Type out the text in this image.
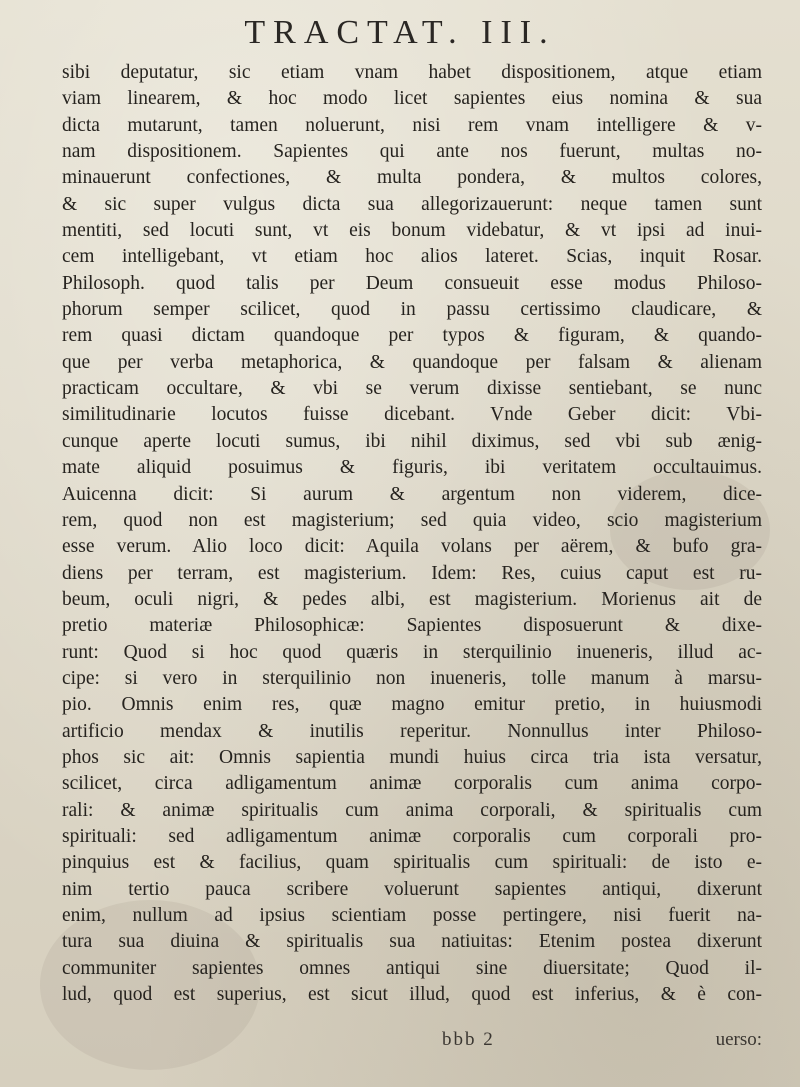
TRACTAT. III.
sibi deputatur, sic etiam vnam habet dispositionem, atque etiam
viam linearem, & hoc modo licet sapientes eius nomina & sua
dicta mutarunt, tamen noluerunt, nisi rem vnam intelligere & v-
nam dispositionem. Sapientes qui ante nos fuerunt, multas no-
minauerunt confectiones, & multa pondera, & multos colores,
& sic super vulgus dicta sua allegorizauerunt: neque tamen sunt
mentiti, sed locuti sunt, vt eis bonum videbatur, & vt ipsi ad inui-
cem intelligebant, vt etiam hoc alios lateret. Scias, inquit Rosar.
Philosoph. quod talis per Deum consueuit esse modus Philoso-
phorum semper scilicet, quod in passu certissimo claudicare, &
rem quasi dictam quandoque per typos & figuram, & quando-
que per verba metaphorica, & quandoque per falsam & alienam
practicam occultare, & vbi se verum dixisse sentiebant, se nunc
similitudinarie locutos fuisse dicebant. Vnde Geber dicit: Vbi-
cunque aperte locuti sumus, ibi nihil diximus, sed vbi sub ænig-
mate aliquid posuimus & figuris, ibi veritatem occultauimus.
Auicenna dicit: Si aurum & argentum non viderem, dice-
rem, quod non est magisterium; sed quia video, scio magisterium
esse verum. Alio loco dicit: Aquila volans per aërem, & bufo gra-
diens per terram, est magisterium. Idem: Res, cuius caput est ru-
beum, oculi nigri, & pedes albi, est magisterium. Morienus ait de
pretio materiæ Philosophicæ: Sapientes disposuerunt & dixe-
runt: Quod si hoc quod quæris in sterquilinio inueneris, illud ac-
cipe: si vero in sterquilinio non inueneris, tolle manum à marsu-
pio. Omnis enim res, quæ magno emitur pretio, in huiusmodi
artificio mendax & inutilis reperitur. Nonnullus inter Philoso-
phos sic ait: Omnis sapientia mundi huius circa tria ista versatur,
scilicet, circa adligamentum animæ corporalis cum anima corpo-
rali: & animæ spiritualis cum anima corporali, & spiritualis cum
spirituali: sed adligamentum animæ corporalis cum corporali pro-
pinquius est & facilius, quam spiritualis cum spirituali: de isto e-
nim tertio pauca scribere voluerunt sapientes antiqui, dixerunt
enim, nullum ad ipsius scientiam posse pertingere, nisi fuerit na-
tura sua diuina & spiritualis sua natiuitas: Etenim postea dixerunt
communiter sapientes omnes antiqui sine diuersitate; Quod il-
lud, quod est superius, est sicut illud, quod est inferius, & è con-
bbb 2	uerso:
